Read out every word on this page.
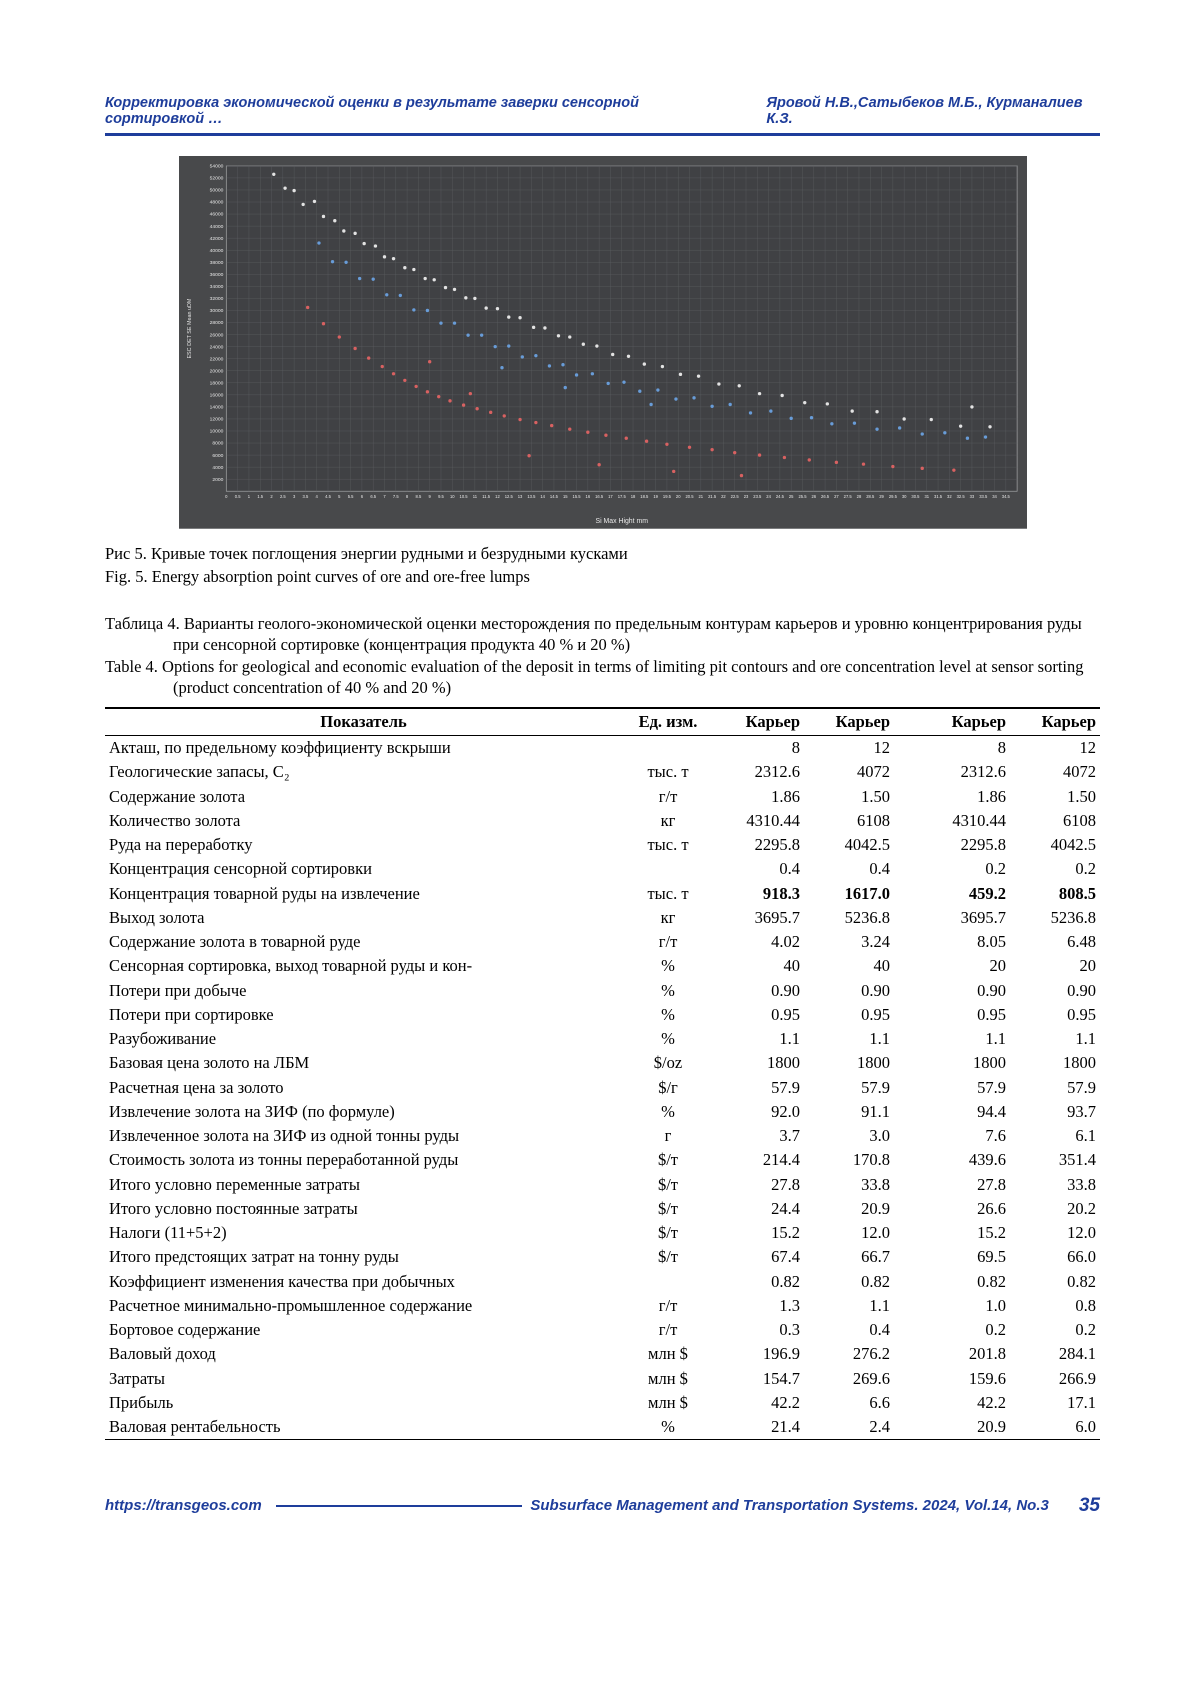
Корректировка экономической оценки в результате заверки сенсорной сортировкой …
Яровой Н.В.,Сатыбеков М.Б., Курманалиев К.З.
0 0.5 1 1.5 2 2.5 3 3.5 4 4.5 5 5.5 6 6.5 7 7.5 8 8.5 9 9.5 10 10.5 11 11.5 12 12.5 13 13.5 14 14.5 15 15.5 16 16.5 17 17.5 18 18.5 19 19.5 20 20.5 21 21.5 22 22.5 23 23.5 24 24.5 25 25.5 26 26.5 27 27.5 28 28.5 29 29.5 30 30.5 31 31.5 32 32.5 33 33.5 34 34.5
2000
4000
6000
8000
10000
12000
14000
16000
18000
20000
22000
24000
26000
28000
30000
32000
34000
36000
38000
40000
42000
44000
46000
48000
50000
52000
54000
Si Max Hight mm
ESC DET SE Mean uDM

Рис 5. Кривые точек поглощения энергии рудными и безрудными кусками

Fig. 5. Energy absorption point curves of ore and ore-free lumps

Таблица 4. Варианты геолого-экономической оценки месторождения по предельным контурам карьеров и уровню концентрирования руды при сенсорной сортировке (концентрация продукта 40 % и 20 %)

Table 4. Options for geological and economic evaluation of the deposit in terms of limiting pit contours and ore concentration level at sensor sorting (product concentration of 40 % and 20 %)

Показатель	Ед. изм.	Карьер	Карьер	Карьер	Карьер
Акташ, по предельному коэффициенту вскрыши		8	12	8	12
Геологические запасы, С₂	тыс. т	2312.6	4072	2312.6	4072
Содержание золота	г/т	1.86	1.50	1.86	1.50
Количество золота	кг	4310.44	6108	4310.44	6108
Руда на переработку	тыс. т	2295.8	4042.5	2295.8	4042.5
Концентрация сенсорной сортировки		0.4	0.4	0.2	0.2
Концентрация товарной руды на извлечение	тыс. т	918.3	1617.0	459.2	808.5
Выход золота	кг	3695.7	5236.8	3695.7	5236.8
Содержание золота в товарной руде	г/т	4.02	3.24	8.05	6.48
Сенсорная сортировка, выход товарной руды и кон-	%	40	40	20	20
Потери при добыче	%	0.90	0.90	0.90	0.90
Потери при сортировке	%	0.95	0.95	0.95	0.95
Разубоживание	%	1.1	1.1	1.1	1.1
Базовая цена золото на ЛБМ	$/oz	1800	1800	1800	1800
Расчетная цена за золото	$/г	57.9	57.9	57.9	57.9
Извлечение золота на ЗИФ (по формуле)	%	92.0	91.1	94.4	93.7
Извлеченное золота на ЗИФ из одной тонны руды	г	3.7	3.0	7.6	6.1
Стоимость золота из тонны переработанной руды	$/т	214.4	170.8	439.6	351.4
Итого условно переменные затраты	$/т	27.8	33.8	27.8	33.8
Итого условно постоянные затраты	$/т	24.4	20.9	26.6	20.2
Налоги (11+5+2)	$/т	15.2	12.0	15.2	12.0
Итого предстоящих затрат на тонну руды	$/т	67.4	66.7	69.5	66.0
Коэффициент изменения качества при добычных		0.82	0.82	0.82	0.82
Расчетное минимально-промышленное содержание	г/т	1.3	1.1	1.0	0.8
Бортовое содержание	г/т	0.3	0.4	0.2	0.2
Валовый доход	млн $	196.9	276.2	201.8	284.1
Затраты	млн $	154.7	269.6	159.6	266.9
Прибыль	млн $	42.2	6.6	42.2	17.1
Валовая рентабельность	%	21.4	2.4	20.9	6.0
https://transgeos.com	Subsurface Management and Transportation Systems. 2024, Vol.14, No.3 35
